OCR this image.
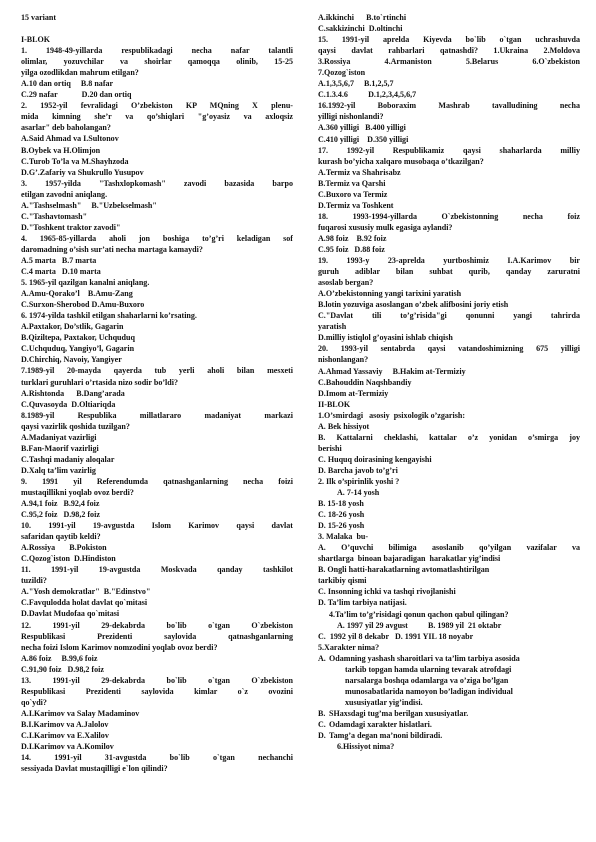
15 variant
I-BLOK
1. 1948-49-yillarda respublikadagi necha nafar talantli
olimlar, yozuvchilar va shoirlar qamoqqa olinib, 15-25
yilga ozodlikdan mahrum etilgan?
A.10 dan ortiq     B.8 nafar
C.29 nafar            D.20 dan ortiq
2. 1952-yil fevralidagi O’zbekiston KP MQning X plenu-
mida kimning she’r va qo’shiqlari "g’oyasiz va axloqsiz
asarlar" deb baholangan?
A.Said Ahmad va I.Sultonov
B.Oybek va H.Olimjon
C.Turob To’la va M.Shayhzoda
D.G’.Zafariy va Shukrullo Yusupov
3. 1957-yilda "Tashxlopkomash" zavodi bazasida barpo
etilgan zavodni aniqlang.
A."Tashselmash"     B."Uzbekselmash"
C."Tashavtomash"
D."Toshkent traktor zavodi"
4. 1965-85-yillarda aholi jon boshiga to’g’ri keladigan sof
daromadning o’sish sur’ati necha martaga kamaydi?
A.5 marta   B.7 marta
C.4 marta   D.10 marta
5. 1965-yil qazilgan kanalni aniqlang.
A.Amu-Qorako’l    B.Amu-Zang
C.Surxon-Sherobod D.Amu-Buxoro
6. 1974-yilda tashkil etilgan shaharlarni ko’rsating.
A.Paxtakor, Do’stlik, Gagarin
B.Qiziltepa, Paxtakor, Uchquduq
C.Uchquduq, Yangiyo’l, Gagarin
D.Chirchiq, Navoiy, Yangiyer
7.1989-yil 20-mayda qayerda tub yerli aholi bilan mesxeti
turklari guruhlari o’rtasida nizo sodir bo’ldi?
A.Rishtonda      B.Dang’arada
C.Quvasoyda  D.Oltiariqda
8.1989-yil Respublika millatlararo madaniyat markazi
qaysi vazirlik qoshida tuzilgan?
A.Madaniyat vazirligi
B.Fan-Maorif vazirligi
C.Tashqi madaniy aloqalar
D.Xalq ta’lim vazirlig
9. 1991 yil Referendumda qatnashganlarning necha foizi
mustaqillikni yoqlab ovoz berdi?
A.94,1 foiz   B.92,4 foiz
C.95,2 foiz   D.98,2 foiz
10. 1991-yil 19-avgustda Islom Karimov qaysi davlat
safaridan qaytib keldi?
A.Rossiya       B.Pokiston
C.Qozog`iston  D.Hindiston
11. 1991-yil 19-avgustda Moskvada qanday tashkilot
tuzildi?
A."Yosh demokratlar"  B."Edinstvo"
C.Favqulodda holat davlat qo`mitasi
D.Davlat Mudofaa qo`mitasi
12. 1991-yil 29-dekabrda bo`lib o`tgan O`zbekiston
Respublikasi Prezidenti saylovida qatnashganlarning
necha foizi Islom Karimov nomzodini yoqlab ovoz berdi?
A.86 foiz     B.99,6 foiz
C.91,90 foiz   D.98,2 foiz
13. 1991-yil 29-dekabrda bo`lib o`tgan O`zbekiston
Respublikasi Prezidenti saylovida kimlar o`z ovozini
qo`ydi?
A.I.Karimov va Salay Madaminov
B.I.Karimov va A.Jalolov
C.I.Karimov va E.Xalilov
D.I.Karimov va A.Komilov
14. 1991-yil 31-avgustda bo`lib o`tgan nechanchi
sessiyada Davlat mustaqilligi e`lon qilindi?
A.ikkinchi      B.to`rtinchi
C.sakkizinchi  D.oltinchi
15. 1991-yil aprelda Kiyevda bo`lib o`tgan uchrashuvda
qaysi davlat rahbarlari qatnashdi? 1.Ukraina 2.Moldova
3.Rossiya 4.Armaniston 5.Belarus 6.O`zbekiston
7.Qozog`iston
A.1,3,5,6,7     B.1,2,5,7
C.1.3.4.6          D.1,2,3,4,5,6,7
16.1992-yil Boboraxim Mashrab tavalludining necha
yilligi nishonlandi?
A.360 yilligi   B.400 yilligi
C.410 yilligi    D.350 yilligi
17. 1992-yil Respublikamiz qaysi shaharlarda milliy
kurash bo’yicha xalqaro musobaqa o’tkazilgan?
A.Termiz va Shahrisabz
B.Termiz va Qarshi
C.Buxoro va Termiz
D.Termiz va Toshkent
18. 1993-1994-yillarda O`zbekistonning necha foiz
fuqarosi xususiy mulk egasiga aylandi?
A.98 foiz    B.92 foiz
C.95 foiz   D.88 foiz
19. 1993-y 23-aprelda yurtboshimiz I.A.Karimov bir
guruh adiblar bilan suhbat qurib, qanday zaruratni
asoslab bergan?
A.O’zbekistonning yangi tarixini yaratish
B.lotin yozuviga asoslangan o’zbek alifbosini joriy etish
C."Davlat tili to’g’risida"gi qonunni yangi tahrirda
yaratish
D.milliy istiqlol g’oyasini ishlab chiqish
20. 1993-yil sentabrda qaysi vatandoshimizning 675 yilligi
nishonlangan?
A.Ahmad Yassaviy     B.Hakim at-Termiziy
C.Bahouddin Naqshbandiy
D.Imom at-Termiziy
II-BLOK
1.O’smirdagi   asosiy  psixologik o’zgarish:
A. Bek hissiyot
B. Kattalarni cheklashi, kattalar o’z yonidan o’smirga joy
berishi
C. Huquq doirasining kengayishi
D. Barcha javob to’g’ri
2. Ilk o’spirinlik yoshi ?
A. 7-14 yosh
B. 15-18 yosh
C. 18-26 yosh
D. 15-26 yosh
3. Malaka  bu-
A. O’quvchi bilimiga asoslanib qo’yilgan vazifalar va
shartlarga  binoan bajaradigan  harakatlar yig’indisi
B. Ongli hatti-harakatlarning avtomatlashtirilgan
tarkibiy qismi
C. Insonning ichki va tashqi rivojlanishi
D. Ta’lim tarbiya natijasi.
4.Ta’lim to’g’risidagi qonun qachon qabul qilingan?
A. 1997 yil 29 avgust          B. 1989 yil  21 oktabr
C.  1992 yil 8 dekabr   D. 1991 YIL 18 noyabr
5.Xarakter nima?
A. Odamning yashash sharoitlari va ta’lim tarbiya asosida
tarkib topgan hamda ularning tevarak atrofdagi
narsalarga boshqa odamlarga va o’ziga bo’lgan
munosabatlarida namoyon bo’ladigan individual
xususiyatlar yig’indisi.
B. SHaxsdagi tug’ma berilgan xususiyatlar.
C. Odamdagi xarakter hislatlari.
D. Tamg’a degan ma’noni bildiradi.
6.Hissiyot nima?
